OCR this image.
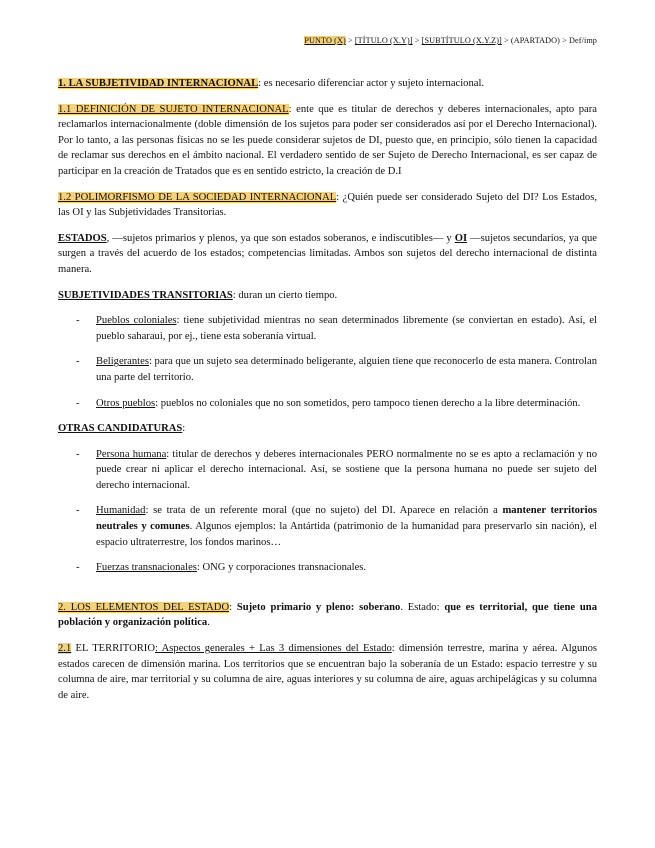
PUNTO (X) > [TÍTULO (X.Y)] > [SUBTÍTULO (X.Y.Z)] > (APARTADO) > Def/imp

1. LA SUBJETIVIDAD INTERNACIONAL: es necesario diferenciar actor y sujeto internacional.

1.1 DEFINICIÓN DE SUJETO INTERNACIONAL: ente que es titular de derechos y deberes internacionales, apto para reclamarlos internacionalmente (doble dimensión de los sujetos para poder ser considerados así por el Derecho Internacional). Por lo tanto, a las personas físicas no se les puede considerar sujetos de DI, puesto que, en principio, sólo tienen la capacidad de reclamar sus derechos en el ámbito nacional. El verdadero sentido de ser Sujeto de Derecho Internacional, es ser capaz de participar en la creación de Tratados que es en sentido estricto, la creación de D.I

1.2 POLIMORFISMO DE LA SOCIEDAD INTERNACIONAL: ¿Quién puede ser considerado Sujeto del DI? Los Estados, las OI y las Subjetividades Transitorias.

ESTADOS, —sujetos primarios y plenos, ya que son estados soberanos, e indiscutibles— y OI —sujetos secundarios, ya que surgen a través del acuerdo de los estados; competencias limitadas. Ambos son sujetos del derecho internacional de distinta manera.

SUBJETIVIDADES TRANSITORIAS: duran un cierto tiempo.

- Pueblos coloniales: tiene subjetividad mientras no sean determinados libremente (se conviertan en estado). Así, el pueblo saharaui, por ej., tiene esta soberanía virtual.
- Beligerantes: para que un sujeto sea determinado beligerante, alguien tiene que reconocerlo de esta manera. Controlan una parte del territorio.
- Otros pueblos: pueblos no coloniales que no son sometidos, pero tampoco tienen derecho a la libre determinación.

OTRAS CANDIDATURAS:

- Persona humana: titular de derechos y deberes internacionales PERO normalmente no se es apto a reclamación y no puede crear ni aplicar el derecho internacional. Así, se sostiene que la persona humana no puede ser sujeto del derecho internacional.
- Humanidad: se trata de un referente moral (que no sujeto) del DI. Aparece en relación a mantener territorios neutrales y comunes. Algunos ejemplos: la Antártida (patrimonio de la humanidad para preservarlo sin nación), el espacio ultraterrestre, los fondos marinos…
- Fuerzas transnacionales: ONG y corporaciones transnacionales.

2. LOS ELEMENTOS DEL ESTADO: Sujeto primario y pleno: soberano. Estado: que es territorial, que tiene una población y organización política.

2.1 EL TERRITORIO: Aspectos generales + Las 3 dimensiones del Estado: dimensión terrestre, marina y aérea. Algunos estados carecen de dimensión marina. Los territorios que se encuentran bajo la soberanía de un Estado: espacio terrestre y su columna de aire, mar territorial y su columna de aire, aguas interiores y su columna de aire, aguas archipelágicas y su columna de aire.
